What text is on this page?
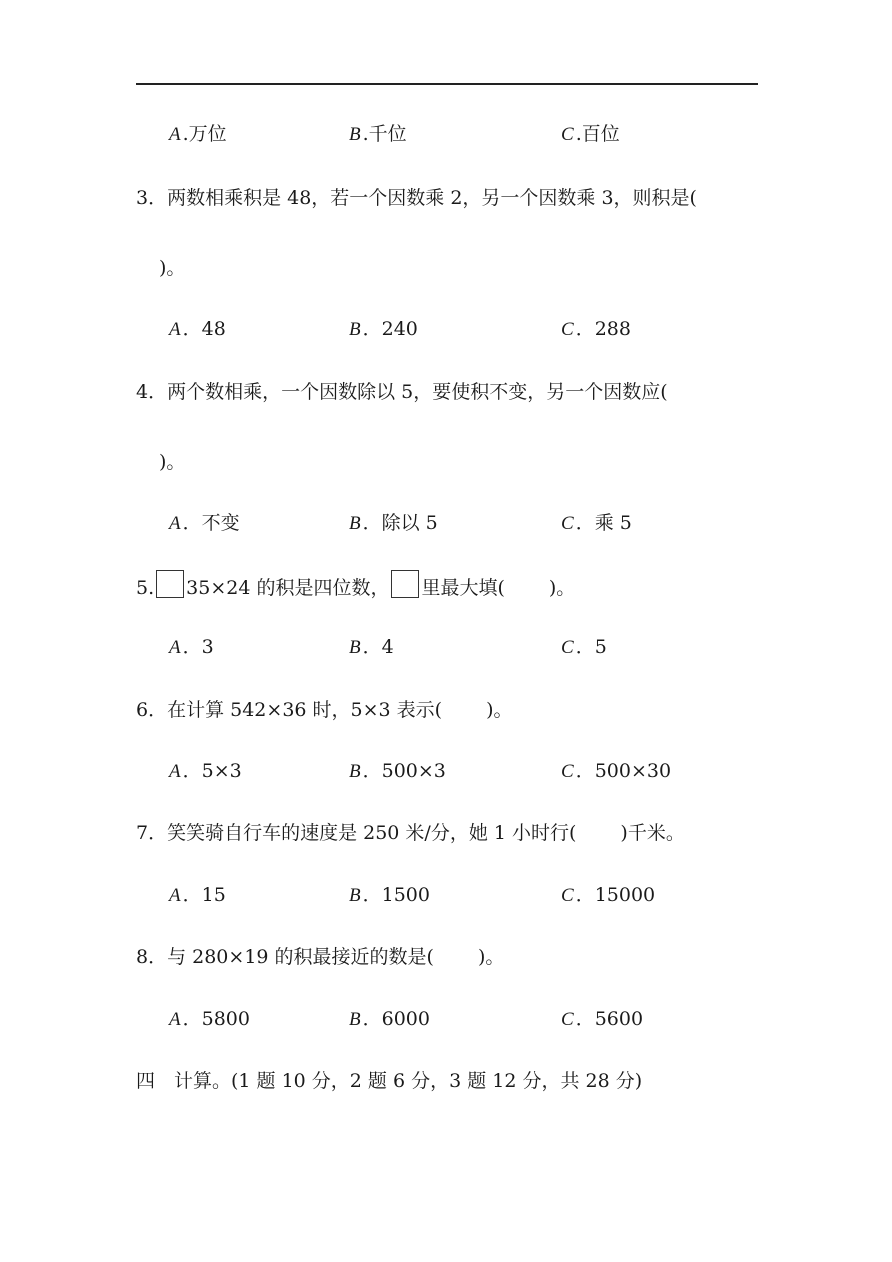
A .万位	B .千位	C .百位
3．两数相乘积是 48，若一个因数乘 2，另一个因数乘 3，则积是(
)。
A ．48	B ．240	C ．288
4．两个数相乘，一个因数除以 5，要使积不变，另一个因数应(
)。
A ．不变	B ．除以 5	C ．乘 5
5. 35×24 的积是四位数， 里最大填( )。
A ．3	B ．4	C ．5
6．在计算 542×36 时，5×3 表示( )。
A ．5×3	B ．500×3	C ．500×30
7．笑笑骑自行车的速度是 250 米/分，她 1 小时行( )千米。
A ．15	B ．1500	C ．15000
8．与 280×19 的积最接近的数是( )。
A ．5800	B ．6000	C ．5600
四　计算。(1 题 10 分，2 题 6 分，3 题 12 分，共 28 分)
